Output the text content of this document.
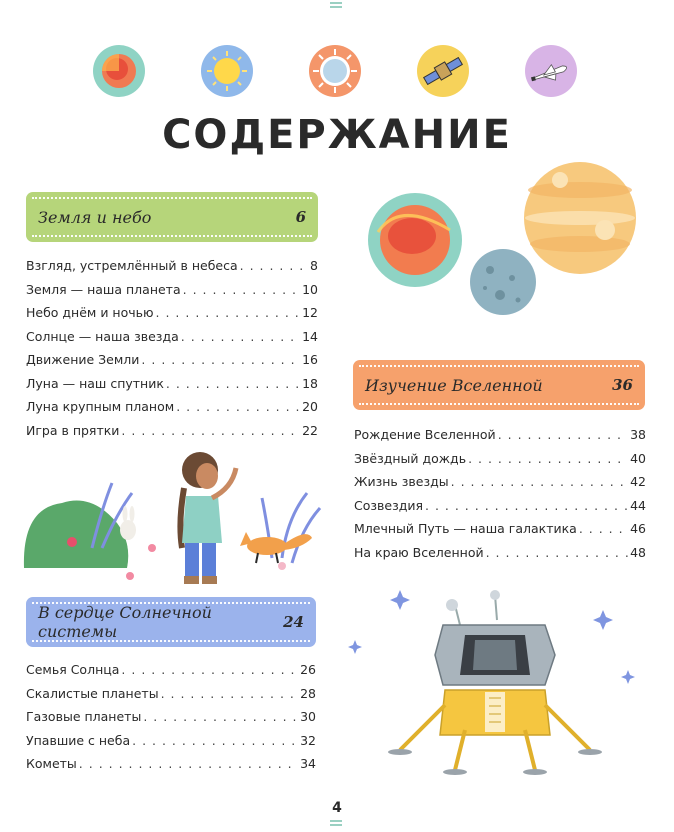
СОДЕРЖАНИЕ
Земля и небо	6
Взгляд, устремлённый в небеса . . .	8
Земля — наша планета . . .	10
Небо днём и ночью . . .	12
Солнце — наша звезда . . .	14
Движение Земли . . .	16
Луна — наш спутник . . .	18
Луна крупным планом . . .	20
Игра в прятки . . .	22
Изучение Вселенной	36
Рождение Вселенной . . .	38
Звёздный дождь . . .	40
Жизнь звезды . . .	42
Созвездия . . .	44
Млечный Путь — наша галактика . . .	46
На краю Вселенной . . .	48
В сердце Солнечной системы	24
Семья Солнца . . .	26
Скалистые планеты . . .	28
Газовые планеты . . .	30
Упавшие с неба . . .	32
Кометы . . .	34
4
